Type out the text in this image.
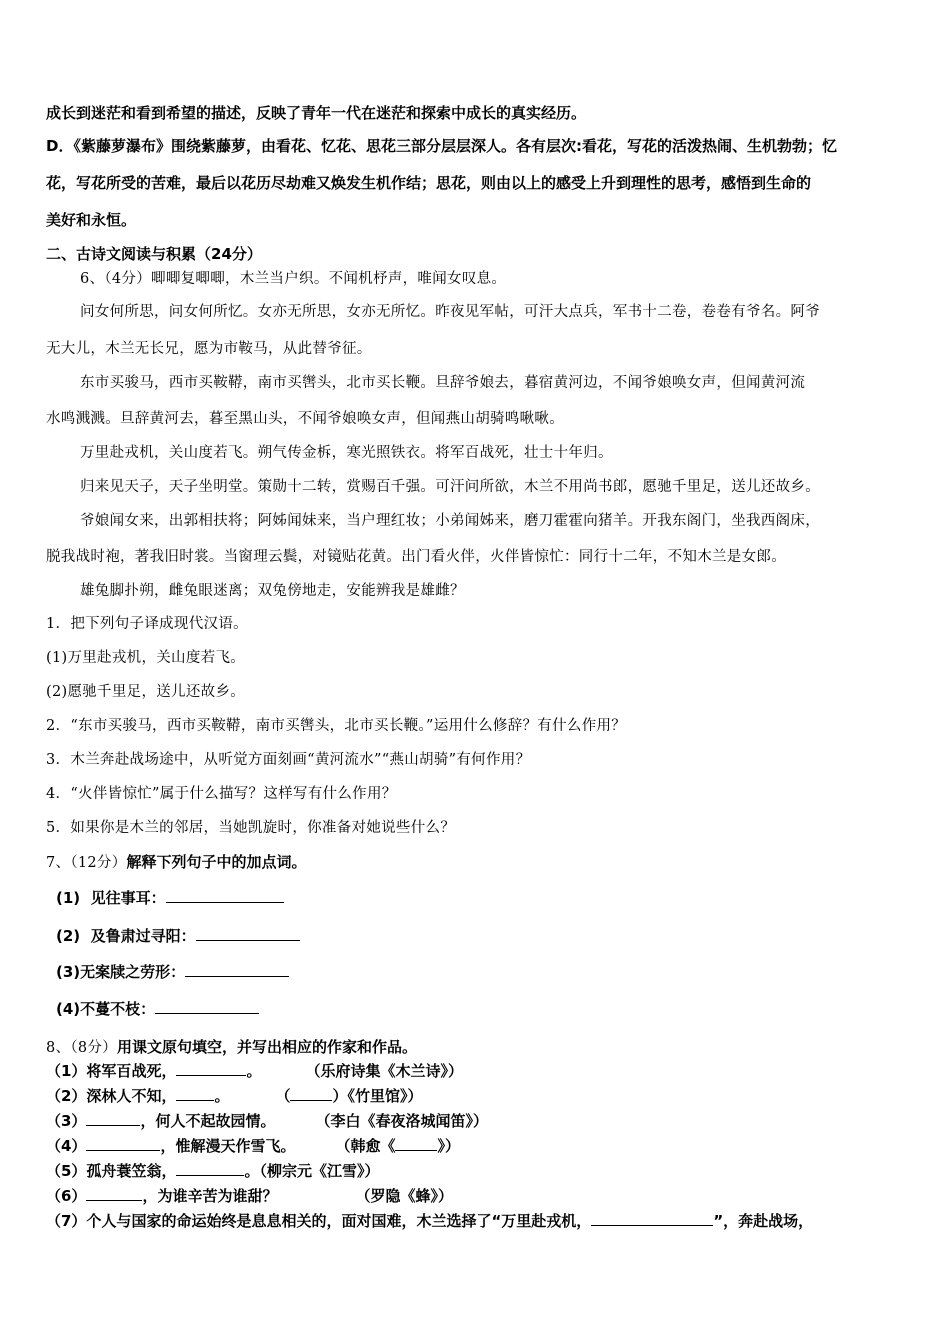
成长到迷茫和看到希望的描述，反映了青年一代在迷茫和探索中成长的真实经历。
D．《紫藤萝瀑布》围绕紫藤萝，由看花、忆花、思花三部分层层深人。各有层次:看花，写花的活泼热闹、生机勃勃；忆
花，写花所受的苦难，最后以花历尽劫难又焕发生机作结；思花，则由以上的感受上升到理性的思考，感悟到生命的
美好和永恒。
二、古诗文阅读与积累（24分）
6、（4分）唧唧复唧唧，木兰当户织。不闻机杼声，唯闻女叹息。
问女何所思，问女何所忆。女亦无所思，女亦无所忆。昨夜见军帖，可汗大点兵，军书十二卷，卷卷有爷名。阿爷
无大儿，木兰无长兄，愿为市鞍马，从此替爷征。
东市买骏马，西市买鞍鞯，南市买辔头，北市买长鞭。旦辞爷娘去，暮宿黄河边，不闻爷娘唤女声，但闻黄河流
水鸣溅溅。旦辞黄河去，暮至黑山头，不闻爷娘唤女声，但闻燕山胡骑鸣啾啾。
万里赴戎机，关山度若飞。朔气传金柝，寒光照铁衣。将军百战死，壮士十年归。
归来见天子，天子坐明堂。策勋十二转，赏赐百千强。可汗问所欲，木兰不用尚书郎，愿驰千里足，送儿还故乡。
爷娘闻女来，出郭相扶将；阿姊闻妹来，当户理红妆；小弟闻姊来，磨刀霍霍向猪羊。开我东阁门，坐我西阁床，
脱我战时袍，著我旧时裳。当窗理云鬓，对镜贴花黄。出门看火伴，火伴皆惊忙：同行十二年，不知木兰是女郎。
雄兔脚扑朔，雌兔眼迷离；双兔傍地走，安能辨我是雄雌？
1．把下列句子译成现代汉语。
(1)万里赴戎机，关山度若飞。
(2)愿驰千里足，送儿还故乡。
2．“东市买骏马，西市买鞍鞯，南市买辔头，北市买长鞭。”运用什么修辞？有什么作用？
3．木兰奔赴战场途中，从听觉方面刻画“黄河流水”“燕山胡骑”有何作用？
4．“火伴皆惊忙”属于什么描写？这样写有什么作用？
5．如果你是木兰的邻居，当她凯旋时，你准备对她说些什么？
7、（12分）解释下列句子中的加点词。
(1) 见往事耳：
(2) 及鲁肃过寻阳：
(3)无案牍之劳形：
(4)不蔓不枝：
8、（8分）用课文原句填空，并写出相应的作家和作品。
（1）将军百战死，	。	（乐府诗集《木兰诗》）
（2）深林人不知，	。	（	）《竹里馆》）
（3）	，何人不起故园情。	（李白《春夜洛城闻笛》）
（4）	，惟解漫天作雪飞。	（韩愈《	》）
（5）孤舟蓑笠翁，	。（柳宗元《江雪》）
（6）	，为谁辛苦为谁甜？	（罗隐《蜂》）
（7）个人与国家的命运始终是息息相关的，面对国难，木兰选择了“万里赴戎机，	”，奔赴战场，
